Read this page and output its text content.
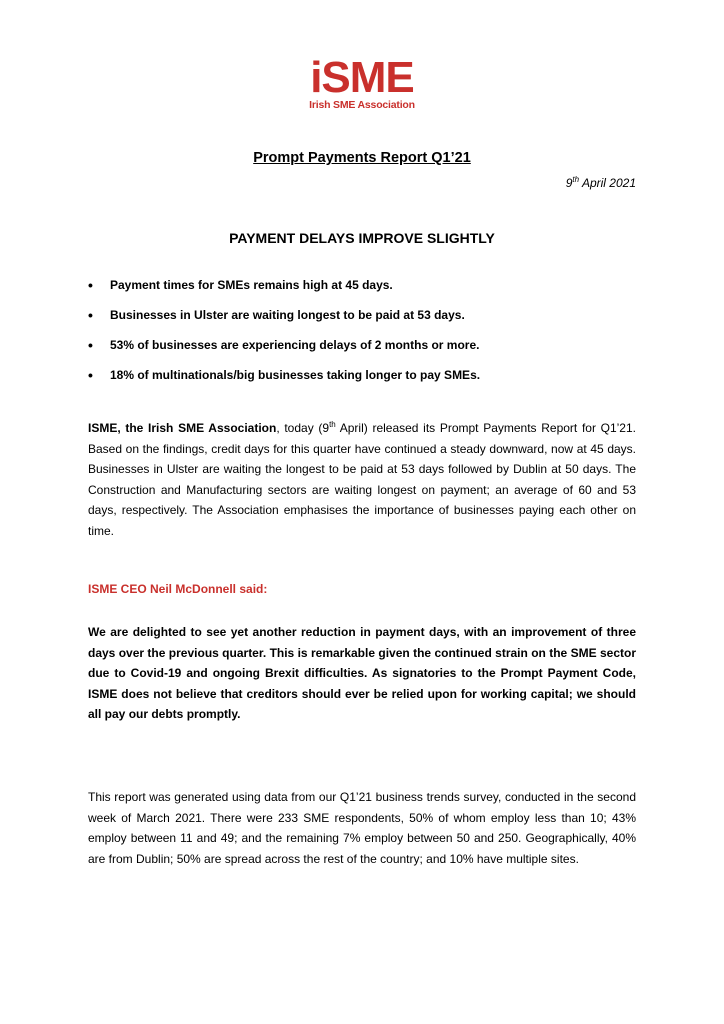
iSME
Irish SME Association
Prompt Payments Report Q1’21
9th April 2021
PAYMENT DELAYS IMPROVE SLIGHTLY
• Payment times for SMEs remains high at 45 days.
• Businesses in Ulster are waiting longest to be paid at 53 days.
• 53% of businesses are experiencing delays of 2 months or more.
• 18% of multinationals/big businesses taking longer to pay SMEs.

ISME, the Irish SME Association, today (9th April) released its Prompt Payments Report for Q1’21. Based on the findings, credit days for this quarter have continued a steady downward, now at 45 days. Businesses in Ulster are waiting the longest to be paid at 53 days followed by Dublin at 50 days. The Construction and Manufacturing sectors are waiting longest on payment; an average of 60 and 53 days, respectively. The Association emphasises the importance of businesses paying each other on time.

ISME CEO Neil McDonnell said:

We are delighted to see yet another reduction in payment days, with an improvement of three days over the previous quarter. This is remarkable given the continued strain on the SME sector due to Covid-19 and ongoing Brexit difficulties. As signatories to the Prompt Payment Code, ISME does not believe that creditors should ever be relied upon for working capital; we should all pay our debts promptly.

This report was generated using data from our Q1’21 business trends survey, conducted in the second week of March 2021. There were 233 SME respondents, 50% of whom employ less than 10; 43% employ between 11 and 49; and the remaining 7% employ between 50 and 250. Geographically, 40% are from Dublin; 50% are spread across the rest of the country; and 10% have multiple sites.
